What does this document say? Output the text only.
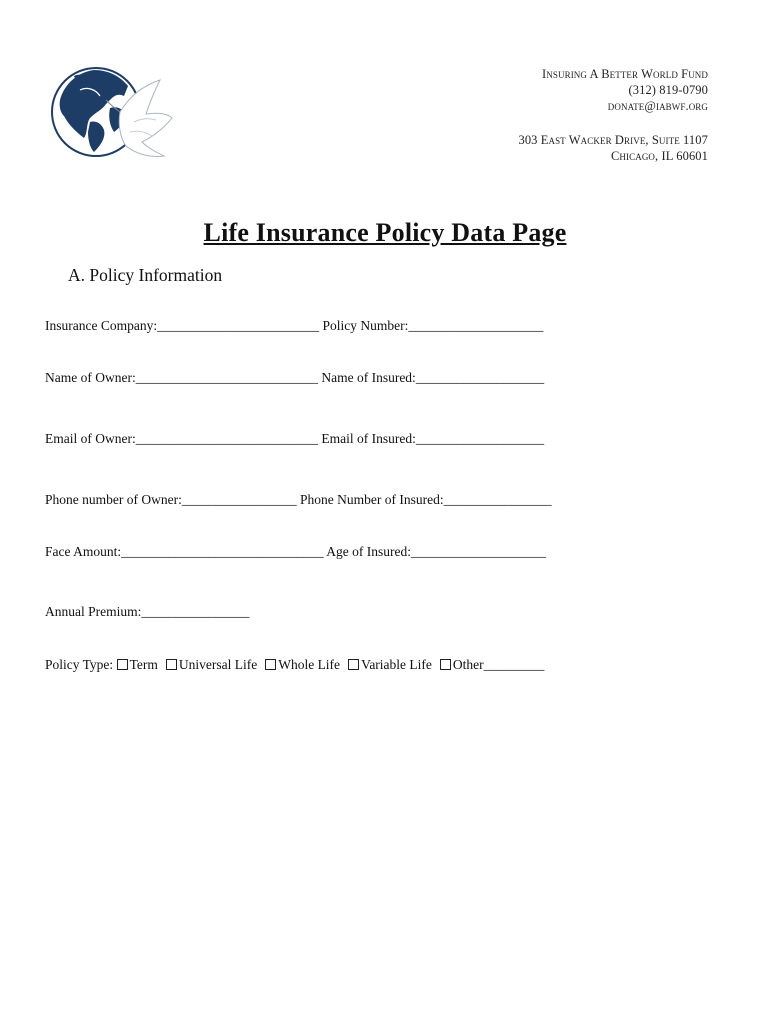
Insuring A Better World Fund
(312) 819-0790
donate@iabwf.org
303 East Wacker Drive, Suite 1107
Chicago, IL 60601
Life Insurance Policy Data Page
A. Policy Information
Insurance Company:________________________ Policy Number:____________________
Name of Owner:___________________________ Name of Insured:___________________
Email of Owner:___________________________ Email of Insured:___________________
Phone number of Owner:_________________ Phone Number of Insured:________________
Face Amount:______________________________ Age of Insured:____________________
Annual Premium:________________
Policy Type: Term Universal Life Whole Life Variable Life Other_________
